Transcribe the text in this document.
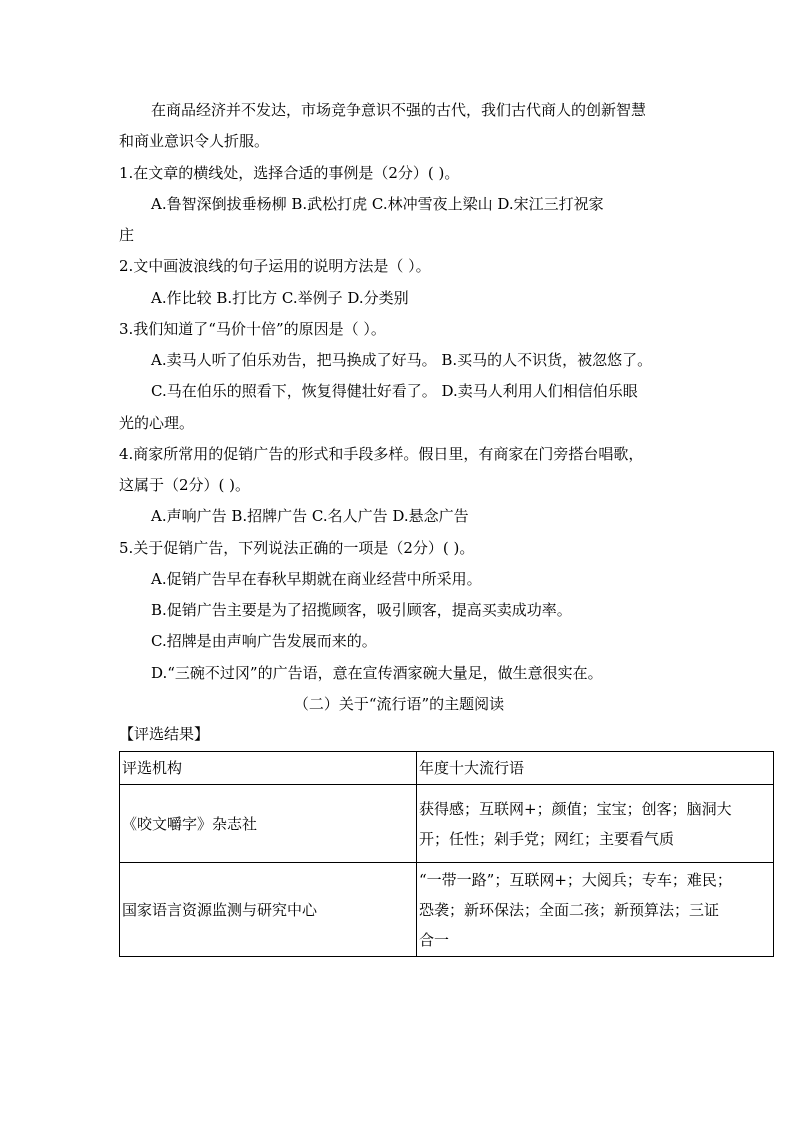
在商品经济并不发达，市场竞争意识不强的古代，我们古代商人的创新智慧
和商业意识令人折服。
1.在文章的横线处，选择合适的事例是（2分）( )。
A.鲁智深倒拔垂杨柳 B.武松打虎 C.林冲雪夜上梁山 D.宋江三打祝家
庄
2.文中画波浪线的句子运用的说明方法是（ ）。
A.作比较 B.打比方 C.举例子 D.分类别
3.我们知道了“马价十倍”的原因是（ ）。
A.卖马人听了伯乐劝告，把马换成了好马。 B.买马的人不识货，被忽悠了。
C.马在伯乐的照看下，恢复得健壮好看了。 D.卖马人利用人们相信伯乐眼
光的心理。
4.商家所常用的促销广告的形式和手段多样。假日里，有商家在门旁搭台唱歌，
这属于（2分）( )。
A.声响广告 B.招牌广告 C.名人广告 D.悬念广告
5.关于促销广告，下列说法正确的一项是（2分）( )。
A.促销广告早在春秋早期就在商业经营中所采用。
B.促销广告主要是为了招揽顾客，吸引顾客，提高买卖成功率。
C.招牌是由声响广告发展而来的。
D.“三碗不过冈”的广告语，意在宣传酒家碗大量足，做生意很实在。
（二）关于“流行语”的主题阅读
【评选结果】
评选机构	年度十大流行语
《咬文嚼字》杂志社	获得感；互联网+；颜值；宝宝；创客；脑洞大
开；任性；剁手党；网红；主要看气质

国家语言资源监测与研究中心	“一带一路”；互联网+；大阅兵；专车；难民；
恐袭；新环保法；全面二孩；新预算法；三证
合一
